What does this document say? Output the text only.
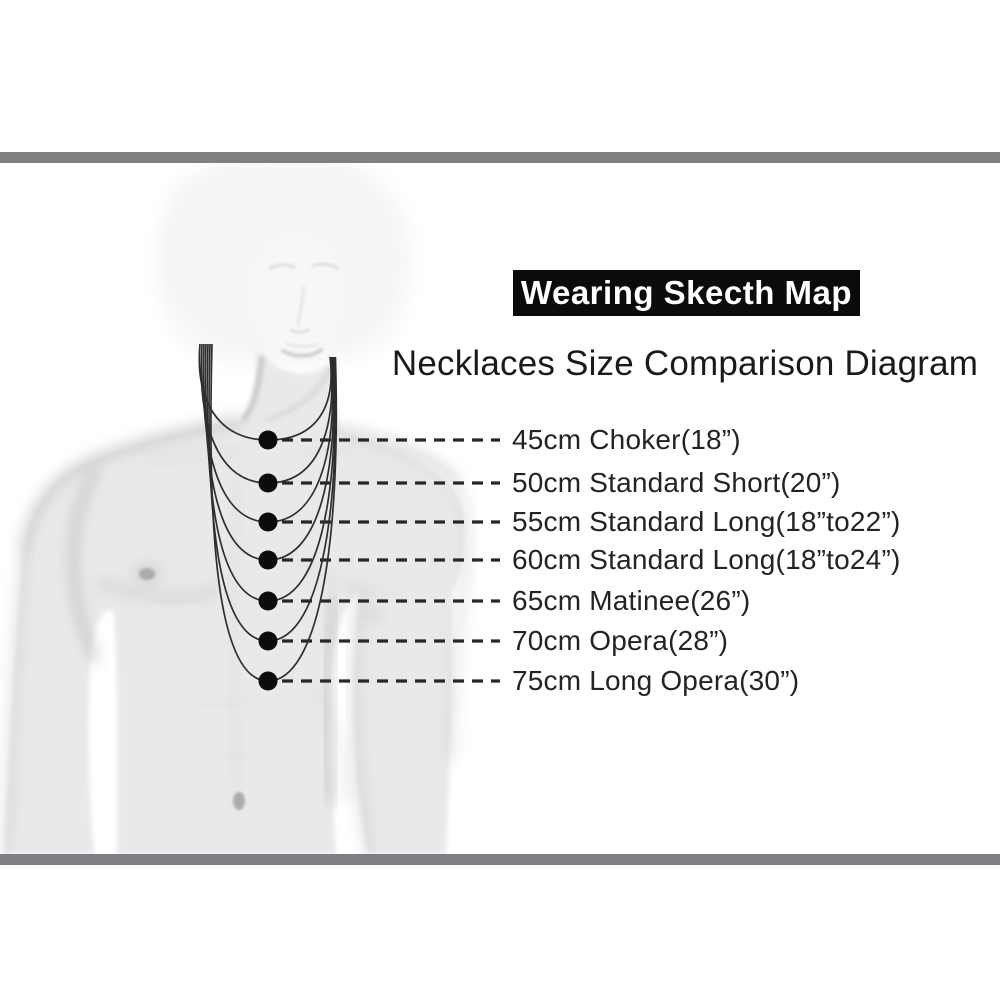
Wearing Skecth Map
Necklaces Size Comparison Diagram
45cm Choker(18”)
50cm Standard Short(20”)
55cm Standard Long(18”to22”)
60cm Standard Long(18”to24”)
65cm Matinee(26”)
70cm Opera(28”)
75cm Long Opera(30”)
